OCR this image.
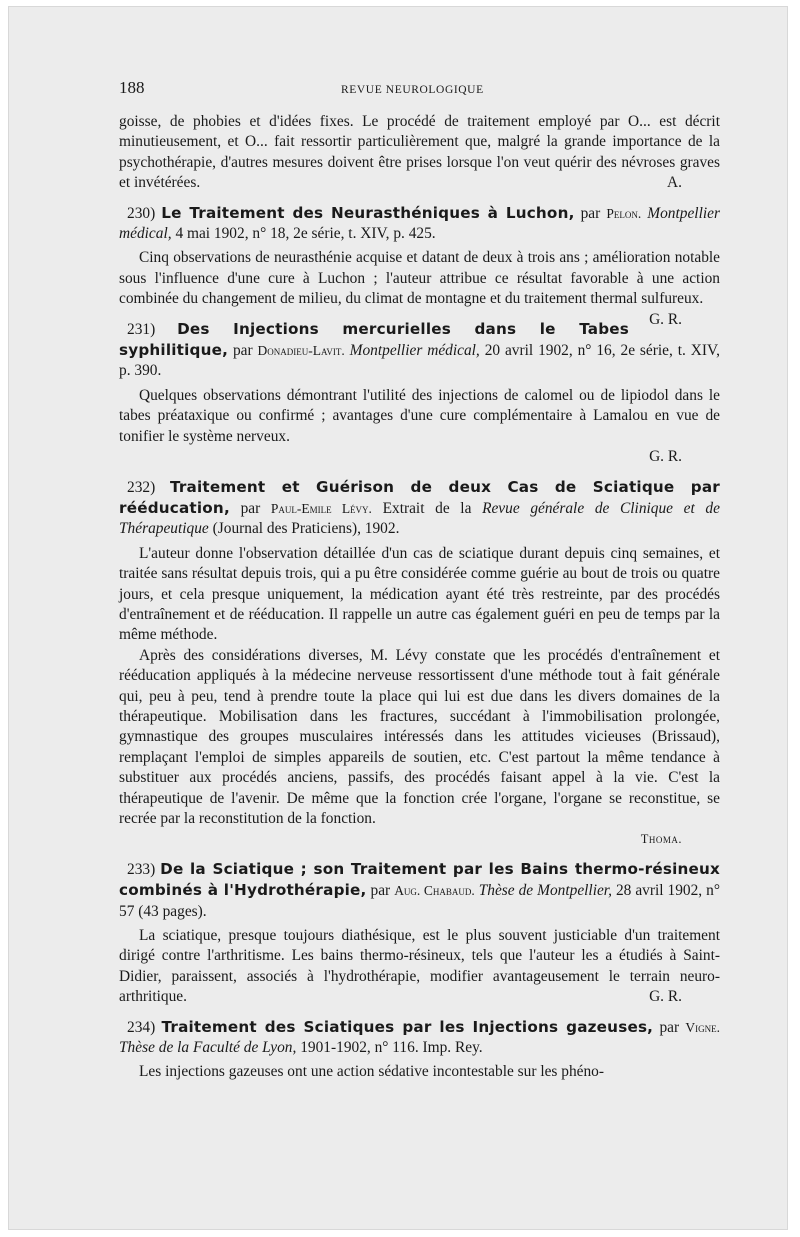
188	REVUE NEUROLOGIQUE

goisse, de phobies et d'idées fixes. Le procédé de traitement employé par O... est décrit minutieusement, et O... fait ressortir particulièrement que, malgré la grande importance de la psychothérapie, d'autres mesures doivent être prises lorsque l'on veut quérir des névroses graves et invétérées.	A.

230) Le Traitement des Neurasthéniques à Luchon, par Pelon. Montpellier médical, 4 mai 1902, n° 18, 2e série, t. XIV, p. 425.

Cinq observations de neurasthénie acquise et datant de deux à trois ans ; amélioration notable sous l'influence d'une cure à Luchon ; l'auteur attribue ce résultat favorable à une action combinée du changement de milieu, du climat de montagne et du traitement thermal sulfureux.
G. R.

231) Des Injections mercurielles dans le Tabes syphilitique, par Donadieu-Lavit. Montpellier médical, 20 avril 1902, n° 16, 2e série, t. XIV, p. 390.

Quelques observations démontrant l'utilité des injections de calomel ou de lipiodol dans le tabes préataxique ou confirmé ; avantages d'une cure complémentaire à Lamalou en vue de tonifier le système nerveux.

G. R.

232) Traitement et Guérison de deux Cas de Sciatique par rééducation, par Paul-Emile Lévy. Extrait de la Revue générale de Clinique et de Thérapeutique (Journal des Praticiens), 1902.

L'auteur donne l'observation détaillée d'un cas de sciatique durant depuis cinq semaines, et traitée sans résultat depuis trois, qui a pu être considérée comme guérie au bout de trois ou quatre jours, et cela presque uniquement, la médication ayant été très restreinte, par des procédés d'entraînement et de rééducation. Il rappelle un autre cas également guéri en peu de temps par la même méthode.

Après des considérations diverses, M. Lévy constate que les procédés d'entraînement et rééducation appliqués à la médecine nerveuse ressortissent d'une méthode tout à fait générale qui, peu à peu, tend à prendre toute la place qui lui est due dans les divers domaines de la thérapeutique. Mobilisation dans les fractures, succédant à l'immobilisation prolongée, gymnastique des groupes musculaires intéressés dans les attitudes vicieuses (Brissaud), remplaçant l'emploi de simples appareils de soutien, etc. C'est partout la même tendance à substituer aux procédés anciens, passifs, des procédés faisant appel à la vie. C'est la thérapeutique de l'avenir. De même que la fonction crée l'organe, l'organe se reconstitue, se recrée par la reconstitution de la fonction.

Thoma.

233) De la Sciatique ; son Traitement par les Bains thermo-résineux combinés à l'Hydrothérapie, par Aug. Chabaud. Thèse de Montpellier, 28 avril 1902, n° 57 (43 pages).

La sciatique, presque toujours diathésique, est le plus souvent justiciable d'un traitement dirigé contre l'arthritisme. Les bains thermo-résineux, tels que l'auteur les a étudiés à Saint-Didier, paraissent, associés à l'hydrothérapie, modifier avantageusement le terrain neuro-arthritique.	G. R.

234) Traitement des Sciatiques par les Injections gazeuses, par Vigne. Thèse de la Faculté de Lyon, 1901-1902, n° 116. Imp. Rey.

Les injections gazeuses ont une action sédative incontestable sur les phéno-
